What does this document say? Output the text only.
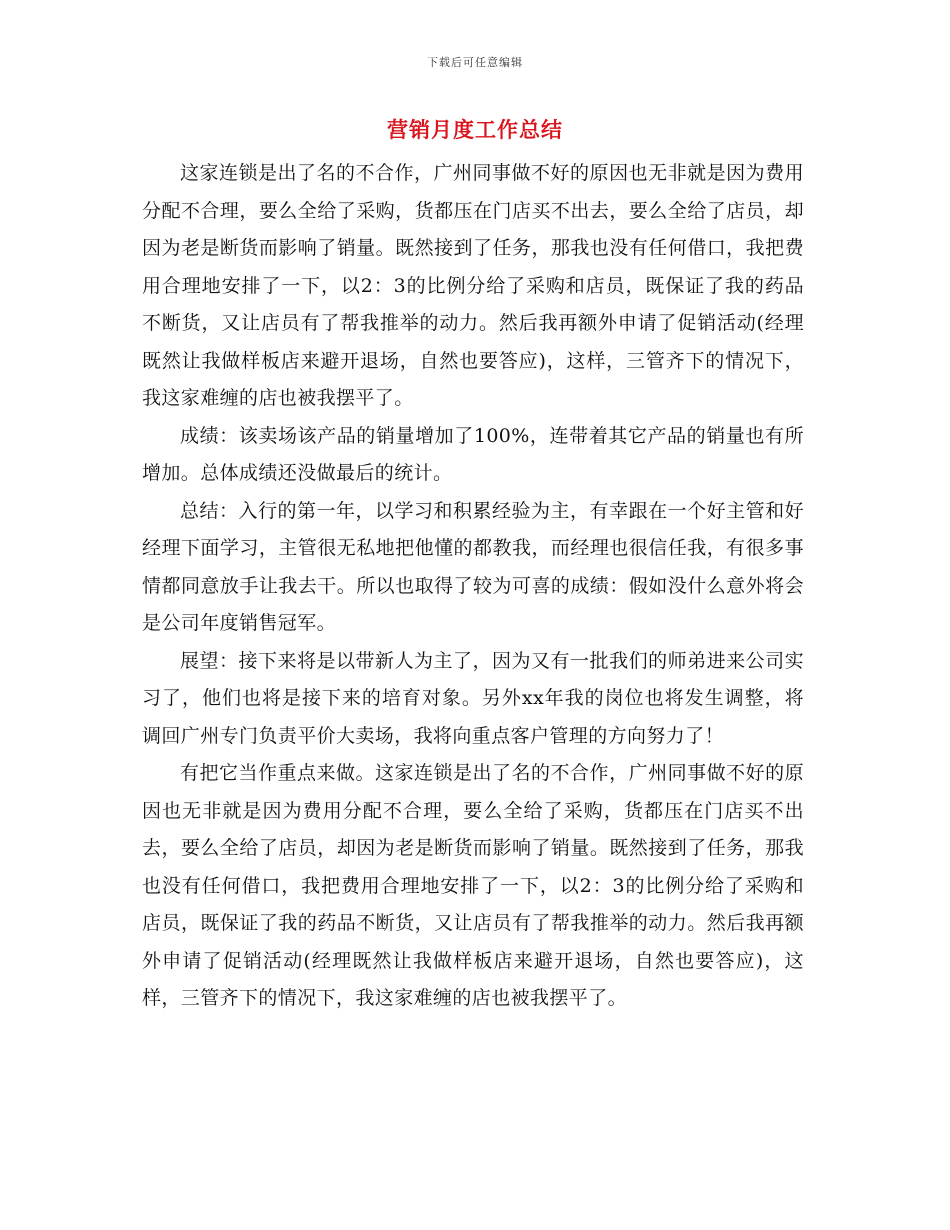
下载后可任意编辑
营销月度工作总结

这家连锁是出了名的不合作，广州同事做不好的原因也无非就是因为费用分配不合理，要么全给了采购，货都压在门店买不出去，要么全给了店员，却因为老是断货而影响了销量。既然接到了任务，那我也没有任何借口，我把费用合理地安排了一下，以2：3的比例分给了采购和店员，既保证了我的药品不断货，又让店员有了帮我推举的动力。然后我再额外申请了促销活动(经理既然让我做样板店来避开退场，自然也要答应)，这样，三管齐下的情况下，我这家难缠的店也被我摆平了。

成绩：该卖场该产品的销量增加了100%，连带着其它产品的销量也有所增加。总体成绩还没做最后的统计。

总结：入行的第一年，以学习和积累经验为主，有幸跟在一个好主管和好经理下面学习，主管很无私地把他懂的都教我，而经理也很信任我，有很多事情都同意放手让我去干。所以也取得了较为可喜的成绩：假如没什么意外将会是公司年度销售冠军。

展望：接下来将是以带新人为主了，因为又有一批我们的师弟进来公司实习了，他们也将是接下来的培育对象。另外xx年我的岗位也将发生调整，将调回广州专门负责平价大卖场，我将向重点客户管理的方向努力了！

有把它当作重点来做。这家连锁是出了名的不合作，广州同事做不好的原因也无非就是因为费用分配不合理，要么全给了采购，货都压在门店买不出去，要么全给了店员，却因为老是断货而影响了销量。既然接到了任务，那我也没有任何借口，我把费用合理地安排了一下，以2：3的比例分给了采购和店员，既保证了我的药品不断货，又让店员有了帮我推举的动力。然后我再额外申请了促销活动(经理既然让我做样板店来避开退场，自然也要答应)，这样，三管齐下的情况下，我这家难缠的店也被我摆平了。
